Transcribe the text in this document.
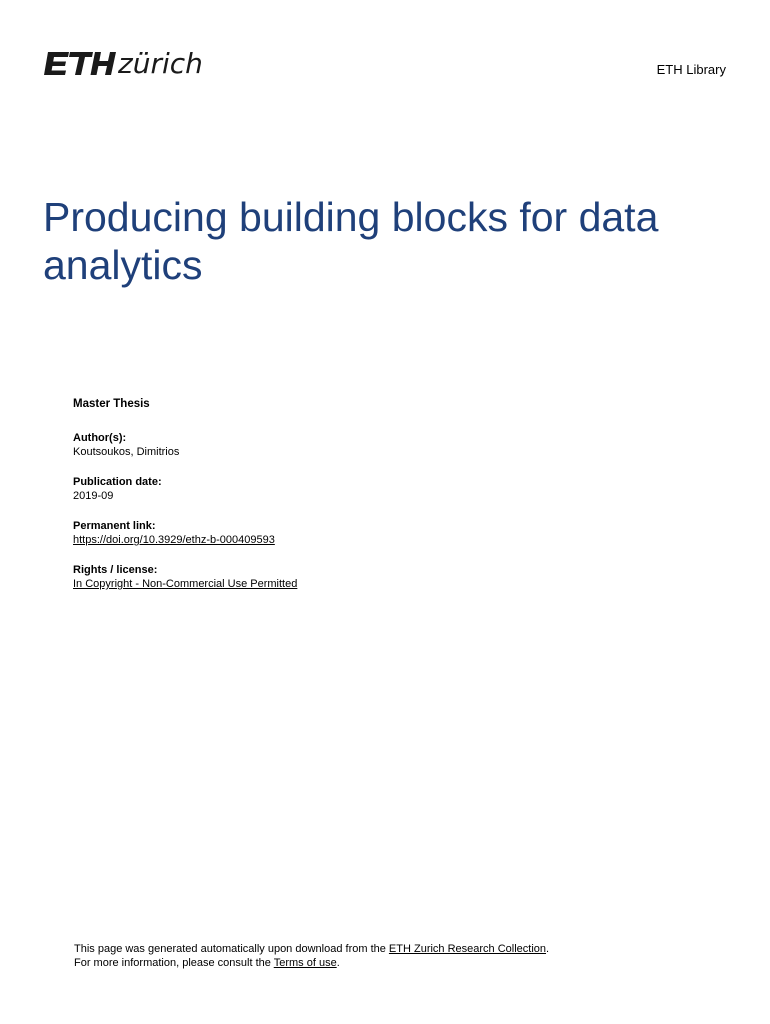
zürich	ETH Library
Producing building blocks for data analytics
Master Thesis
Author(s):
Koutsoukos, Dimitrios
Publication date:
2019-09
Permanent link:
https://doi.org/10.3929/ethz-b-000409593
Rights / license:
In Copyright - Non-Commercial Use Permitted
This page was generated automatically upon download from the ETH Zurich Research Collection.
For more information, please consult the Terms of use.
